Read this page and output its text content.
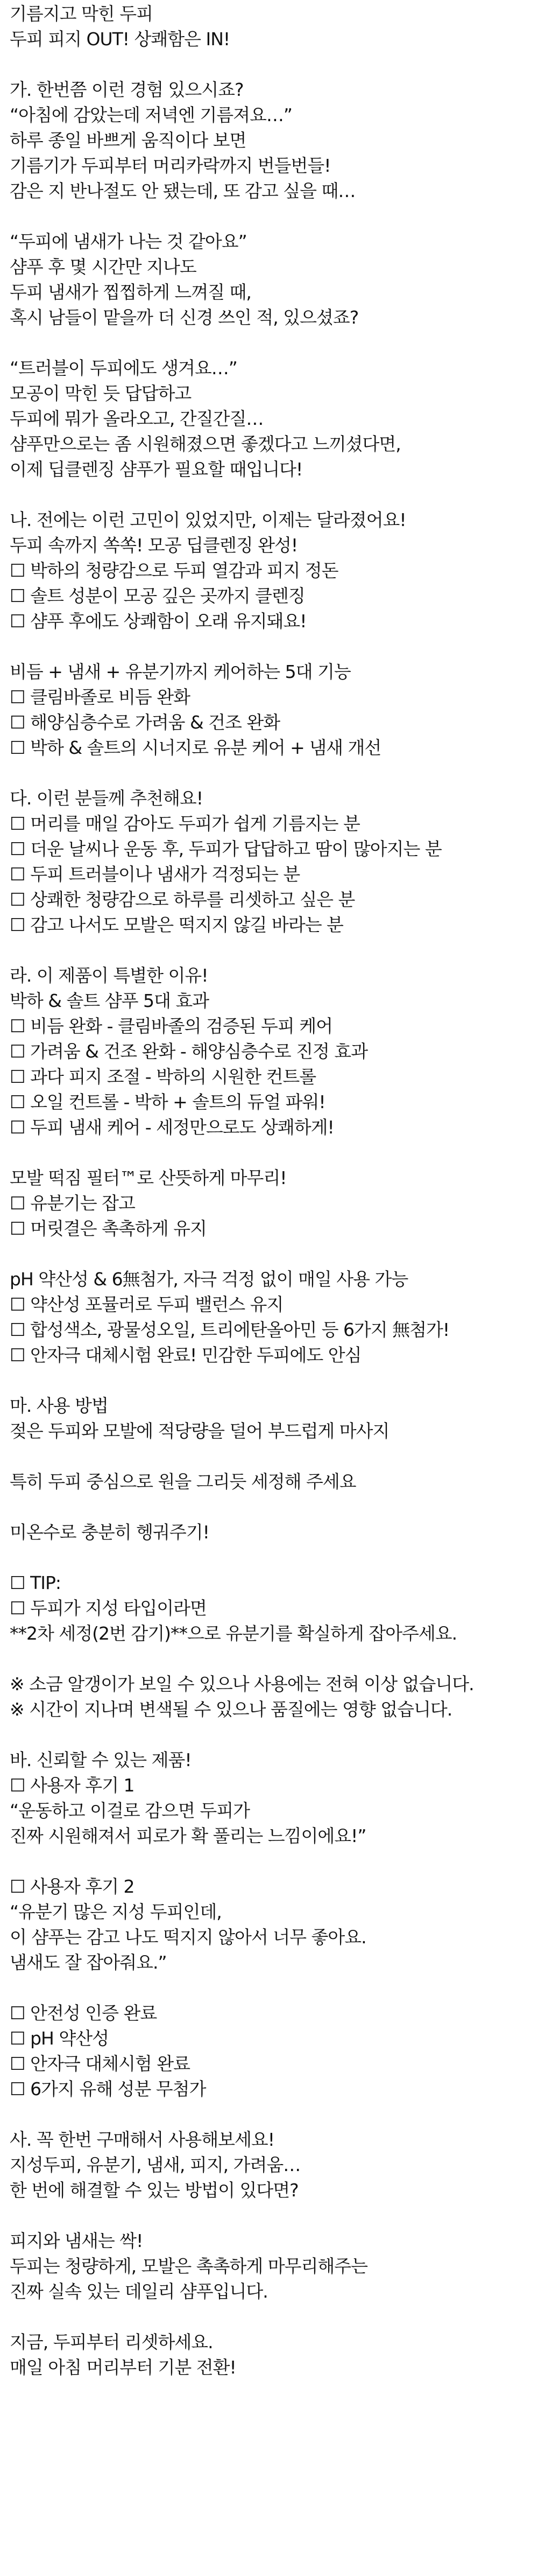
기름지고 막힌 두피
두피 피지 OUT! 상쾌함은 IN!
가. 한번쯤 이런 경험 있으시죠?
“아침에 감았는데 저녁엔 기름져요…”
하루 종일 바쁘게 움직이다 보면
기름기가 두피부터 머리카락까지 번들번들!
감은 지 반나절도 안 됐는데, 또 감고 싶을 때…
“두피에 냄새가 나는 것 같아요”
샴푸 후 몇 시간만 지나도
두피 냄새가 찝찝하게 느껴질 때,
혹시 남들이 맡을까 더 신경 쓰인 적, 있으셨죠?
“트러블이 두피에도 생겨요…”
모공이 막힌 듯 답답하고
두피에 뭐가 올라오고, 간질간질…
샴푸만으로는 좀 시원해졌으면 좋겠다고 느끼셨다면,
이제 딥클렌징 샴푸가 필요할 때입니다!
나. 전에는 이런 고민이 있었지만, 이제는 달라졌어요!
두피 속까지 쏙쏙! 모공 딥클렌징 완성!
☐ 박하의 청량감으로 두피 열감과 피지 정돈
☐ 솔트 성분이 모공 깊은 곳까지 클렌징
☐ 샴푸 후에도 상쾌함이 오래 유지돼요!
비듬 + 냄새 + 유분기까지 케어하는 5대 기능
☐ 클림바졸로 비듬 완화
☐ 해양심층수로 가려움 & 건조 완화
☐ 박하 & 솔트의 시너지로 유분 케어 + 냄새 개선
다. 이런 분들께 추천해요!
☐ 머리를 매일 감아도 두피가 쉽게 기름지는 분
☐ 더운 날씨나 운동 후, 두피가 답답하고 땀이 많아지는 분
☐ 두피 트러블이나 냄새가 걱정되는 분
☐ 상쾌한 청량감으로 하루를 리셋하고 싶은 분
☐ 감고 나서도 모발은 떡지지 않길 바라는 분
라. 이 제품이 특별한 이유!
박하 & 솔트 샴푸 5대 효과
☐ 비듬 완화 - 클림바졸의 검증된 두피 케어
☐ 가려움 & 건조 완화 - 해양심층수로 진정 효과
☐ 과다 피지 조절 - 박하의 시원한 컨트롤
☐ 오일 컨트롤 - 박하 + 솔트의 듀얼 파워!
☐ 두피 냄새 케어 - 세정만으로도 상쾌하게!
모발 떡짐 필터™로 산뜻하게 마무리!
☐ 유분기는 잡고
☐ 머릿결은 촉촉하게 유지
pH 약산성 & 6無첨가, 자극 걱정 없이 매일 사용 가능
☐ 약산성 포뮬러로 두피 밸런스 유지
☐ 합성색소, 광물성오일, 트리에탄올아민 등 6가지 無첨가!
☐ 안자극 대체시험 완료! 민감한 두피에도 안심
마. 사용 방법
젖은 두피와 모발에 적당량을 덜어 부드럽게 마사지
특히 두피 중심으로 원을 그리듯 세정해 주세요
미온수로 충분히 헹궈주기!
☐ TIP:
☐ 두피가 지성 타입이라면
**2차 세정(2번 감기)**으로 유분기를 확실하게 잡아주세요.
※ 소금 알갱이가 보일 수 있으나 사용에는 전혀 이상 없습니다.
※ 시간이 지나며 변색될 수 있으나 품질에는 영향 없습니다.
바. 신뢰할 수 있는 제품!
☐ 사용자 후기 1
“운동하고 이걸로 감으면 두피가
진짜 시원해져서 피로가 확 풀리는 느낌이에요!”
☐ 사용자 후기 2
“유분기 많은 지성 두피인데,
이 샴푸는 감고 나도 떡지지 않아서 너무 좋아요.
냄새도 잘 잡아줘요.”
☐ 안전성 인증 완료
☐ pH 약산성
☐ 안자극 대체시험 완료
☐ 6가지 유해 성분 무첨가
사. 꼭 한번 구매해서 사용해보세요!
지성두피, 유분기, 냄새, 피지, 가려움…
한 번에 해결할 수 있는 방법이 있다면?
피지와 냄새는 싹!
두피는 청량하게, 모발은 촉촉하게 마무리해주는
진짜 실속 있는 데일리 샴푸입니다.
지금, 두피부터 리셋하세요.
매일 아침 머리부터 기분 전환!
